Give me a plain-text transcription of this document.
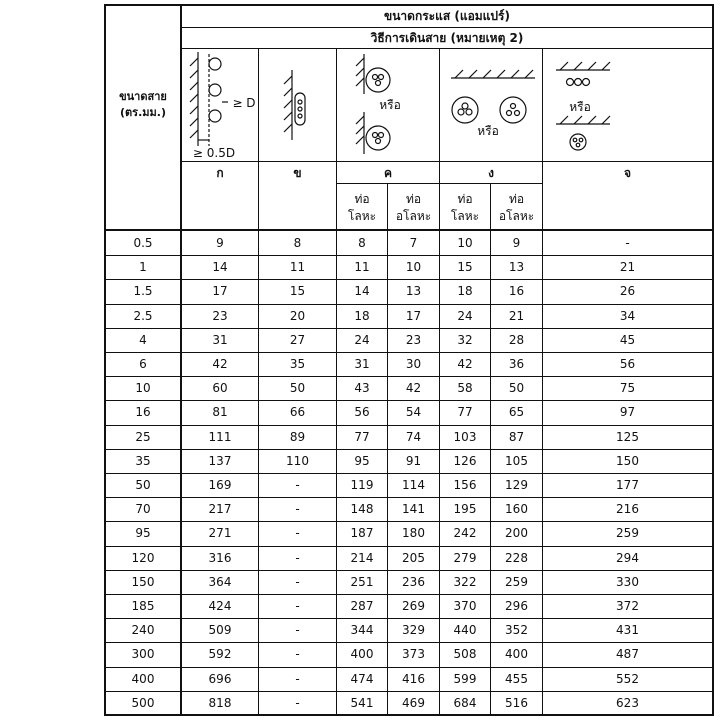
ขนาดกระแส (แอมแปร์)
วิธีการเดินสาย (หมายเหตุ 2)
ขนาดสาย
(ตร.มม.)
≥ D
≥ 0.5D
หรือ
หรือ
หรือ
ก	ข	ค	ง	จ
ท่อ
โลหะ
ท่อ
อโลหะ
ท่อ
โลหะ
ท่อ
อโลหะ
0.5	9	8	8	7	10	9	-
1	14	11	11	10	15	13	21
1.5	17	15	14	13	18	16	26
2.5	23	20	18	17	24	21	34
4	31	27	24	23	32	28	45
6	42	35	31	30	42	36	56
10	60	50	43	42	58	50	75
16	81	66	56	54	77	65	97
25	111	89	77	74	103	87	125
35	137	110	95	91	126	105	150
50	169	-	119	114	156	129	177
70	217	-	148	141	195	160	216
95	271	-	187	180	242	200	259
120	316	-	214	205	279	228	294
150	364	-	251	236	322	259	330
185	424	-	287	269	370	296	372
240	509	-	344	329	440	352	431
300	592	-	400	373	508	400	487
400	696	-	474	416	599	455	552
500	818	-	541	469	684	516	623
